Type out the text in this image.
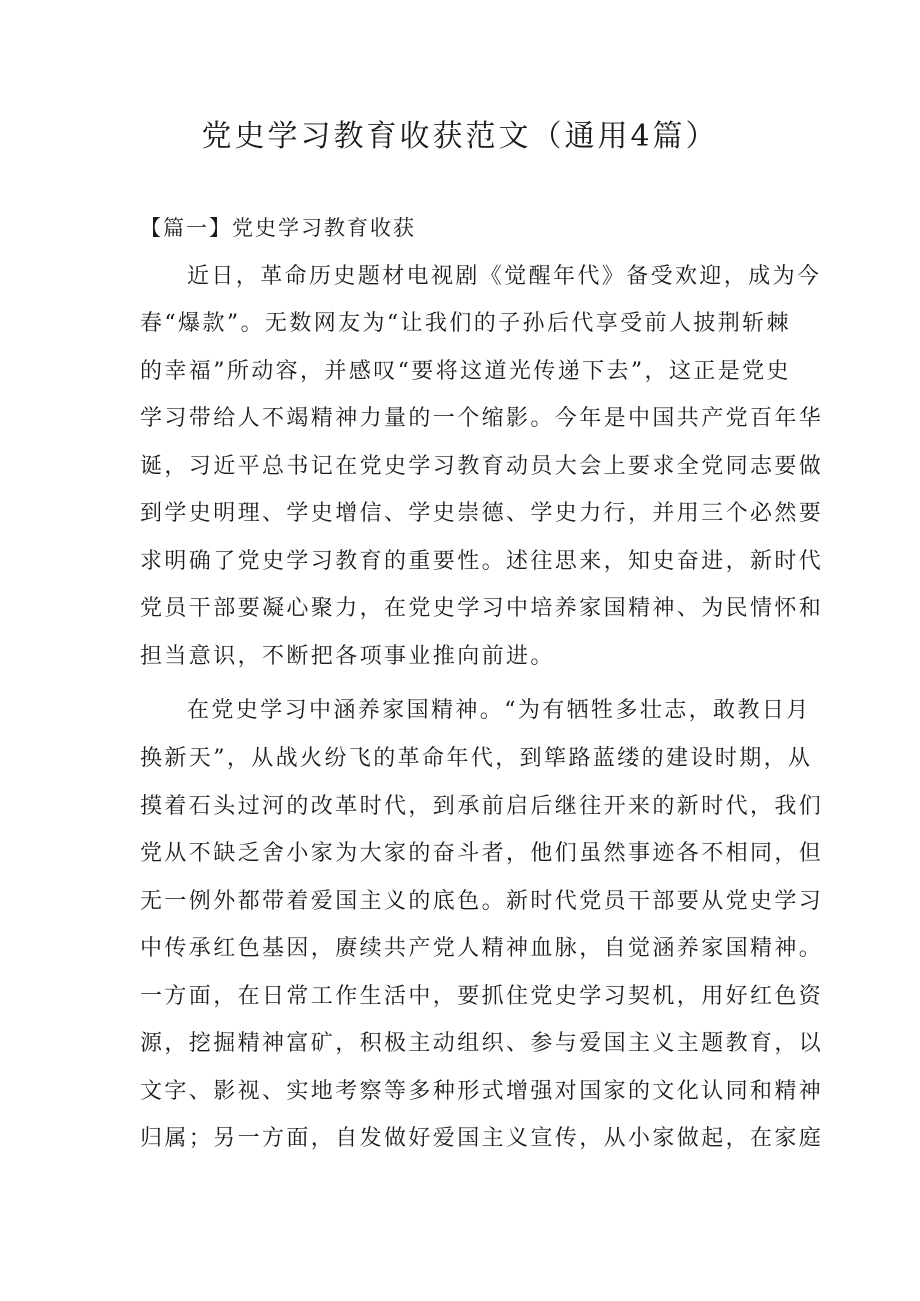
党史学习教育收获范文（通用4篇）
【篇一】党史学习教育收获
近日，革命历史题材电视剧《觉醒年代》备受欢迎，成为今
春“爆款”。无数网友为“让我们的子孙后代享受前人披荆斩棘
的幸福”所动容，并感叹“要将这道光传递下去”，这正是党史
学习带给人不竭精神力量的一个缩影。今年是中国共产党百年华
诞，习近平总书记在党史学习教育动员大会上要求全党同志要做
到学史明理、学史增信、学史崇德、学史力行，并用三个必然要
求明确了党史学习教育的重要性。述往思来，知史奋进，新时代
党员干部要凝心聚力，在党史学习中培养家国精神、为民情怀和
担当意识，不断把各项事业推向前进。
在党史学习中涵养家国精神。“为有牺牲多壮志，敢教日月
换新天”，从战火纷飞的革命年代，到筚路蓝缕的建设时期，从
摸着石头过河的改革时代，到承前启后继往开来的新时代，我们
党从不缺乏舍小家为大家的奋斗者，他们虽然事迹各不相同，但
无一例外都带着爱国主义的底色。新时代党员干部要从党史学习
中传承红色基因，赓续共产党人精神血脉，自觉涵养家国精神。
一方面，在日常工作生活中，要抓住党史学习契机，用好红色资
源，挖掘精神富矿，积极主动组织、参与爱国主义主题教育，以
文字、影视、实地考察等多种形式增强对国家的文化认同和精神
归属；另一方面，自发做好爱国主义宣传，从小家做起，在家庭
